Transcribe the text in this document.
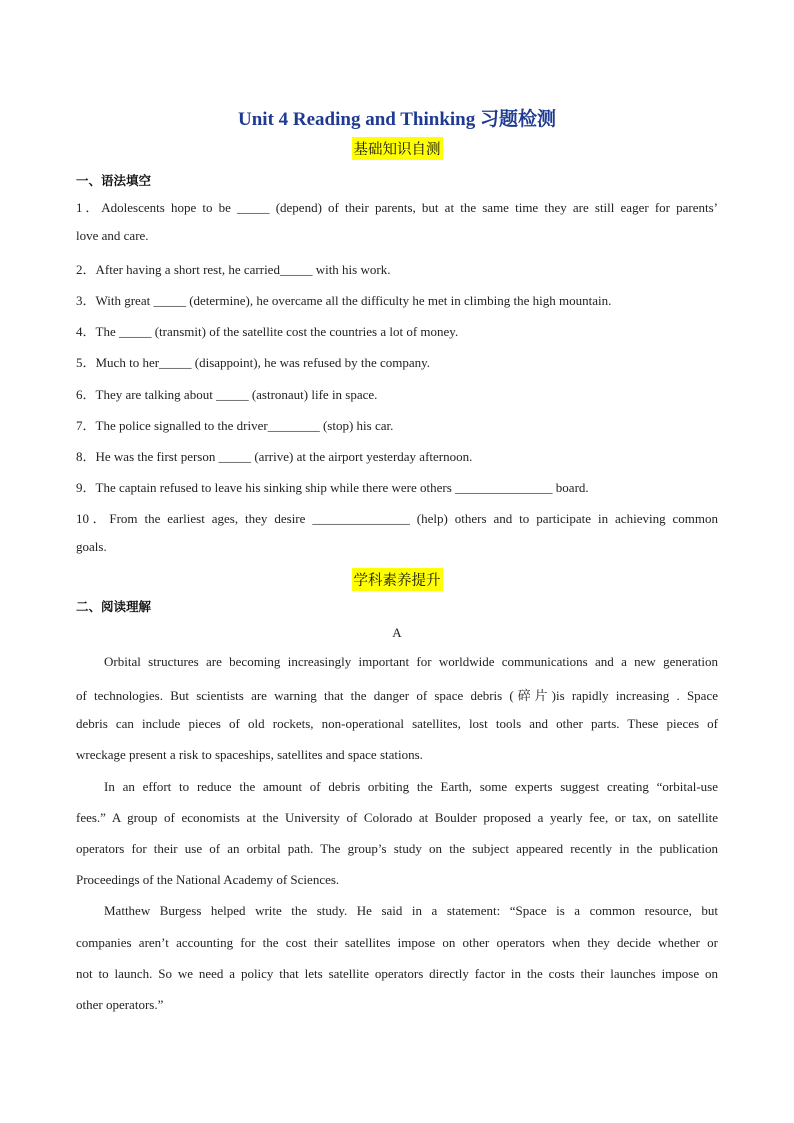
Unit 4 Reading and Thinking 习题检测
基础知识自测
一、语法填空
1．Adolescents hope to be _____ (depend) of their parents, but at the same time they are still eager for parents’
love and care.
2．After having a short rest, he carried_____ with his work.
3．With great _____ (determine), he overcame all the difficulty he met in climbing the high mountain.
4．The _____ (transmit) of the satellite cost the countries a lot of money.
5．Much to her_____ (disappoint), he was refused by the company.
6．They are talking about _____ (astronaut) life in space.
7．The police signalled to the driver________ (stop) his car.
8．He was the first person _____ (arrive) at the airport yesterday afternoon.
9．The captain refused to leave his sinking ship while there were others _______________ board.
10．From the earliest ages, they desire _______________ (help) others and to participate in achieving common
goals.
学科素养提升
二、阅读理解
A
Orbital structures are becoming increasingly important for worldwide communications and a new generation
of technologies. But scientists are warning that the danger of space debris (碎片)is rapidly increasing . Space
debris can include pieces of old rockets, non-operational satellites, lost tools and other parts. These pieces of
wreckage present a risk to spaceships, satellites and space stations.
In an effort to reduce the amount of debris orbiting the Earth, some experts suggest creating “orbital-use
fees.” A group of economists at the University of Colorado at Boulder proposed a yearly fee, or tax, on satellite
operators for their use of an orbital path. The group’s study on the subject appeared recently in the publication
Proceedings of the National Academy of Sciences.
Matthew Burgess helped write the study. He said in a statement: “Space is a common resource, but
companies aren’t accounting for the cost their satellites impose on other operators when they decide whether or
not to launch. So we need a policy that lets satellite operators directly factor in the costs their launches impose on
other operators.”
